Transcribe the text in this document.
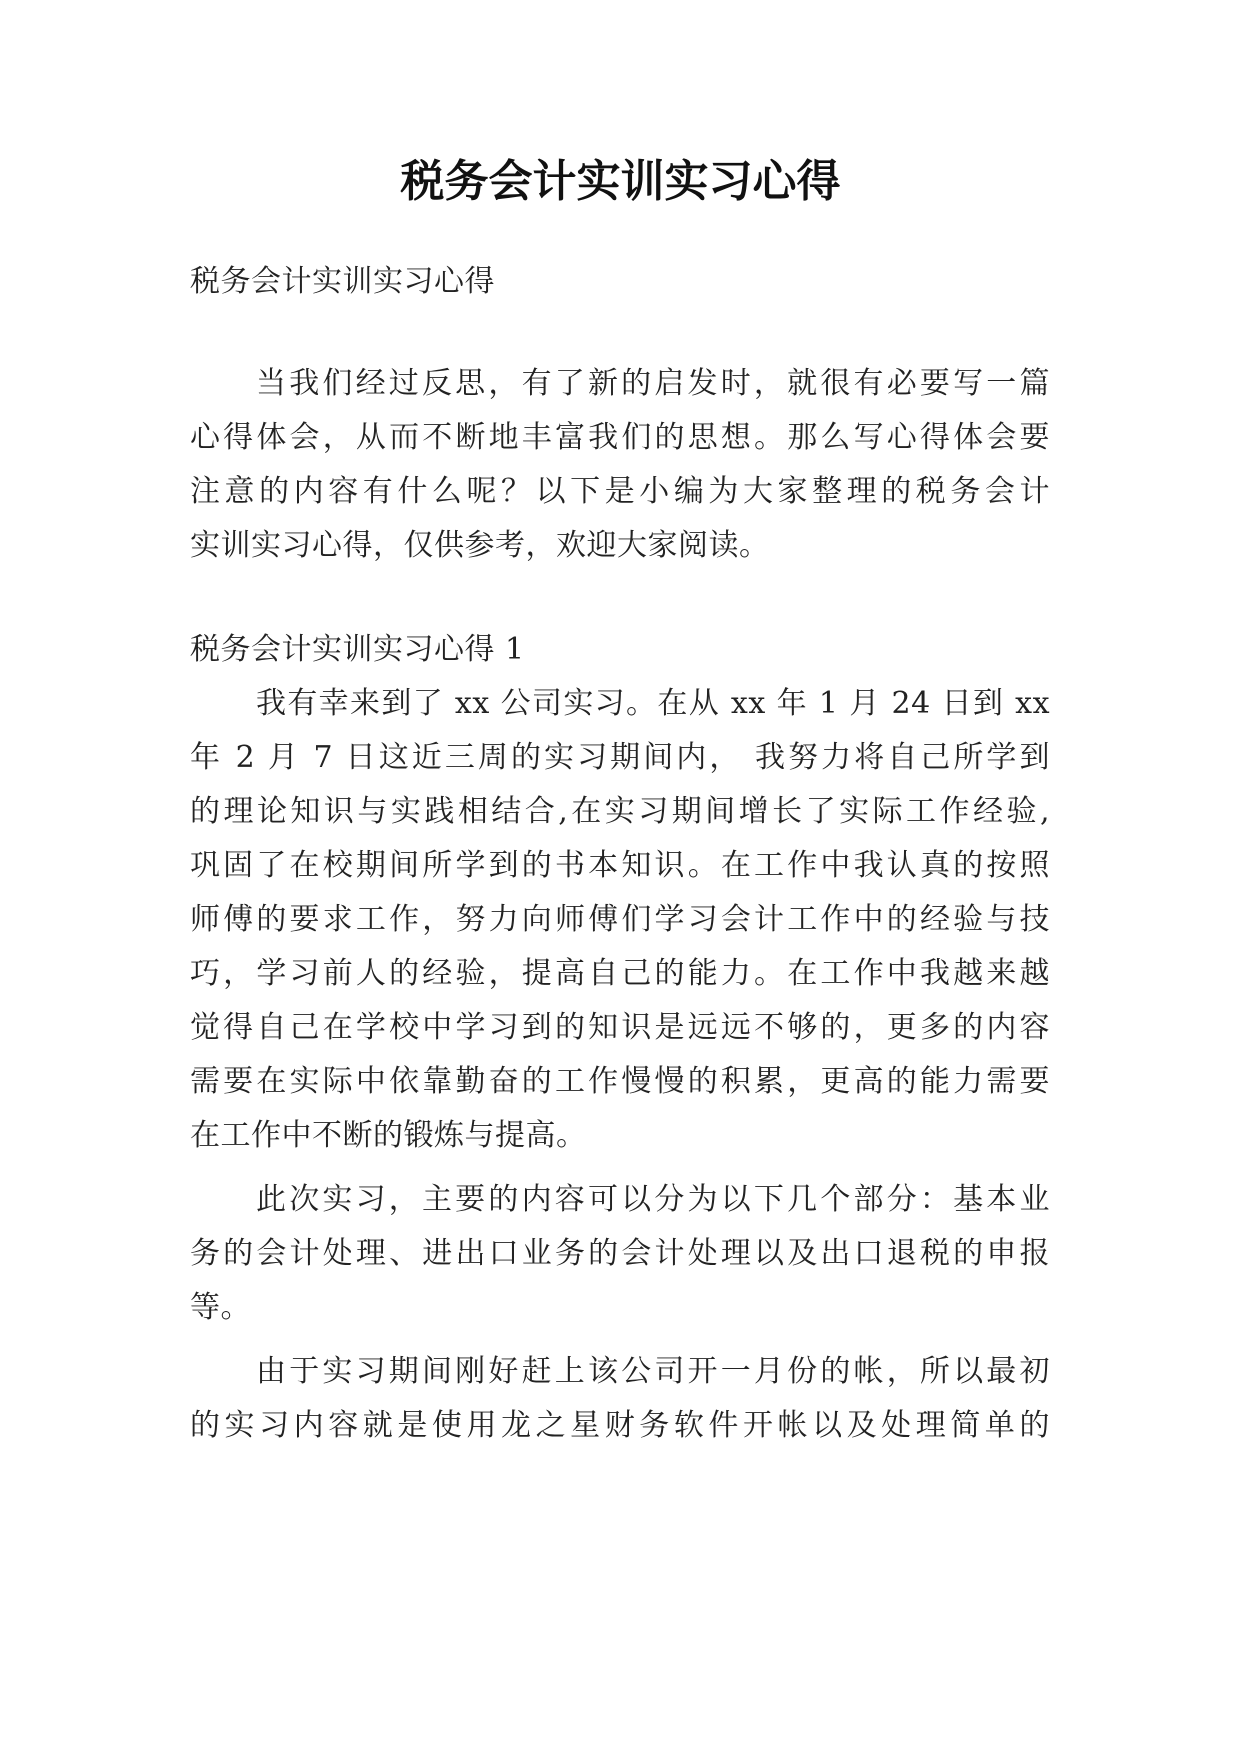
税务会计实训实习心得
税务会计实训实习心得
当我们经过反思，有了新的启发时，就很有必要写一篇
心得体会，从而不断地丰富我们的思想。那么写心得体会要
注意的内容有什么呢？以下是小编为大家整理的税务会计
实训实习心得，仅供参考，欢迎大家阅读。
税务会计实训实习心得 1
我有幸来到了 xx 公司实习。在从 xx 年 1 月 24 日到 xx
年 2 月 7 日这近三周的实习期间内， 我努力将自己所学到
的理论知识与实践相结合,在实习期间增长了实际工作经验,
巩固了在校期间所学到的书本知识。在工作中我认真的按照
师傅的要求工作，努力向师傅们学习会计工作中的经验与技
巧，学习前人的经验，提高自己的能力。在工作中我越来越
觉得自己在学校中学习到的知识是远远不够的，更多的内容
需要在实际中依靠勤奋的工作慢慢的积累，更高的能力需要
在工作中不断的锻炼与提高。
此次实习，主要的内容可以分为以下几个部分：基本业
务的会计处理、进出口业务的会计处理以及出口退税的申报
等。
由于实习期间刚好赶上该公司开一月份的帐，所以最初
的实习内容就是使用龙之星财务软件开帐以及处理简单的
